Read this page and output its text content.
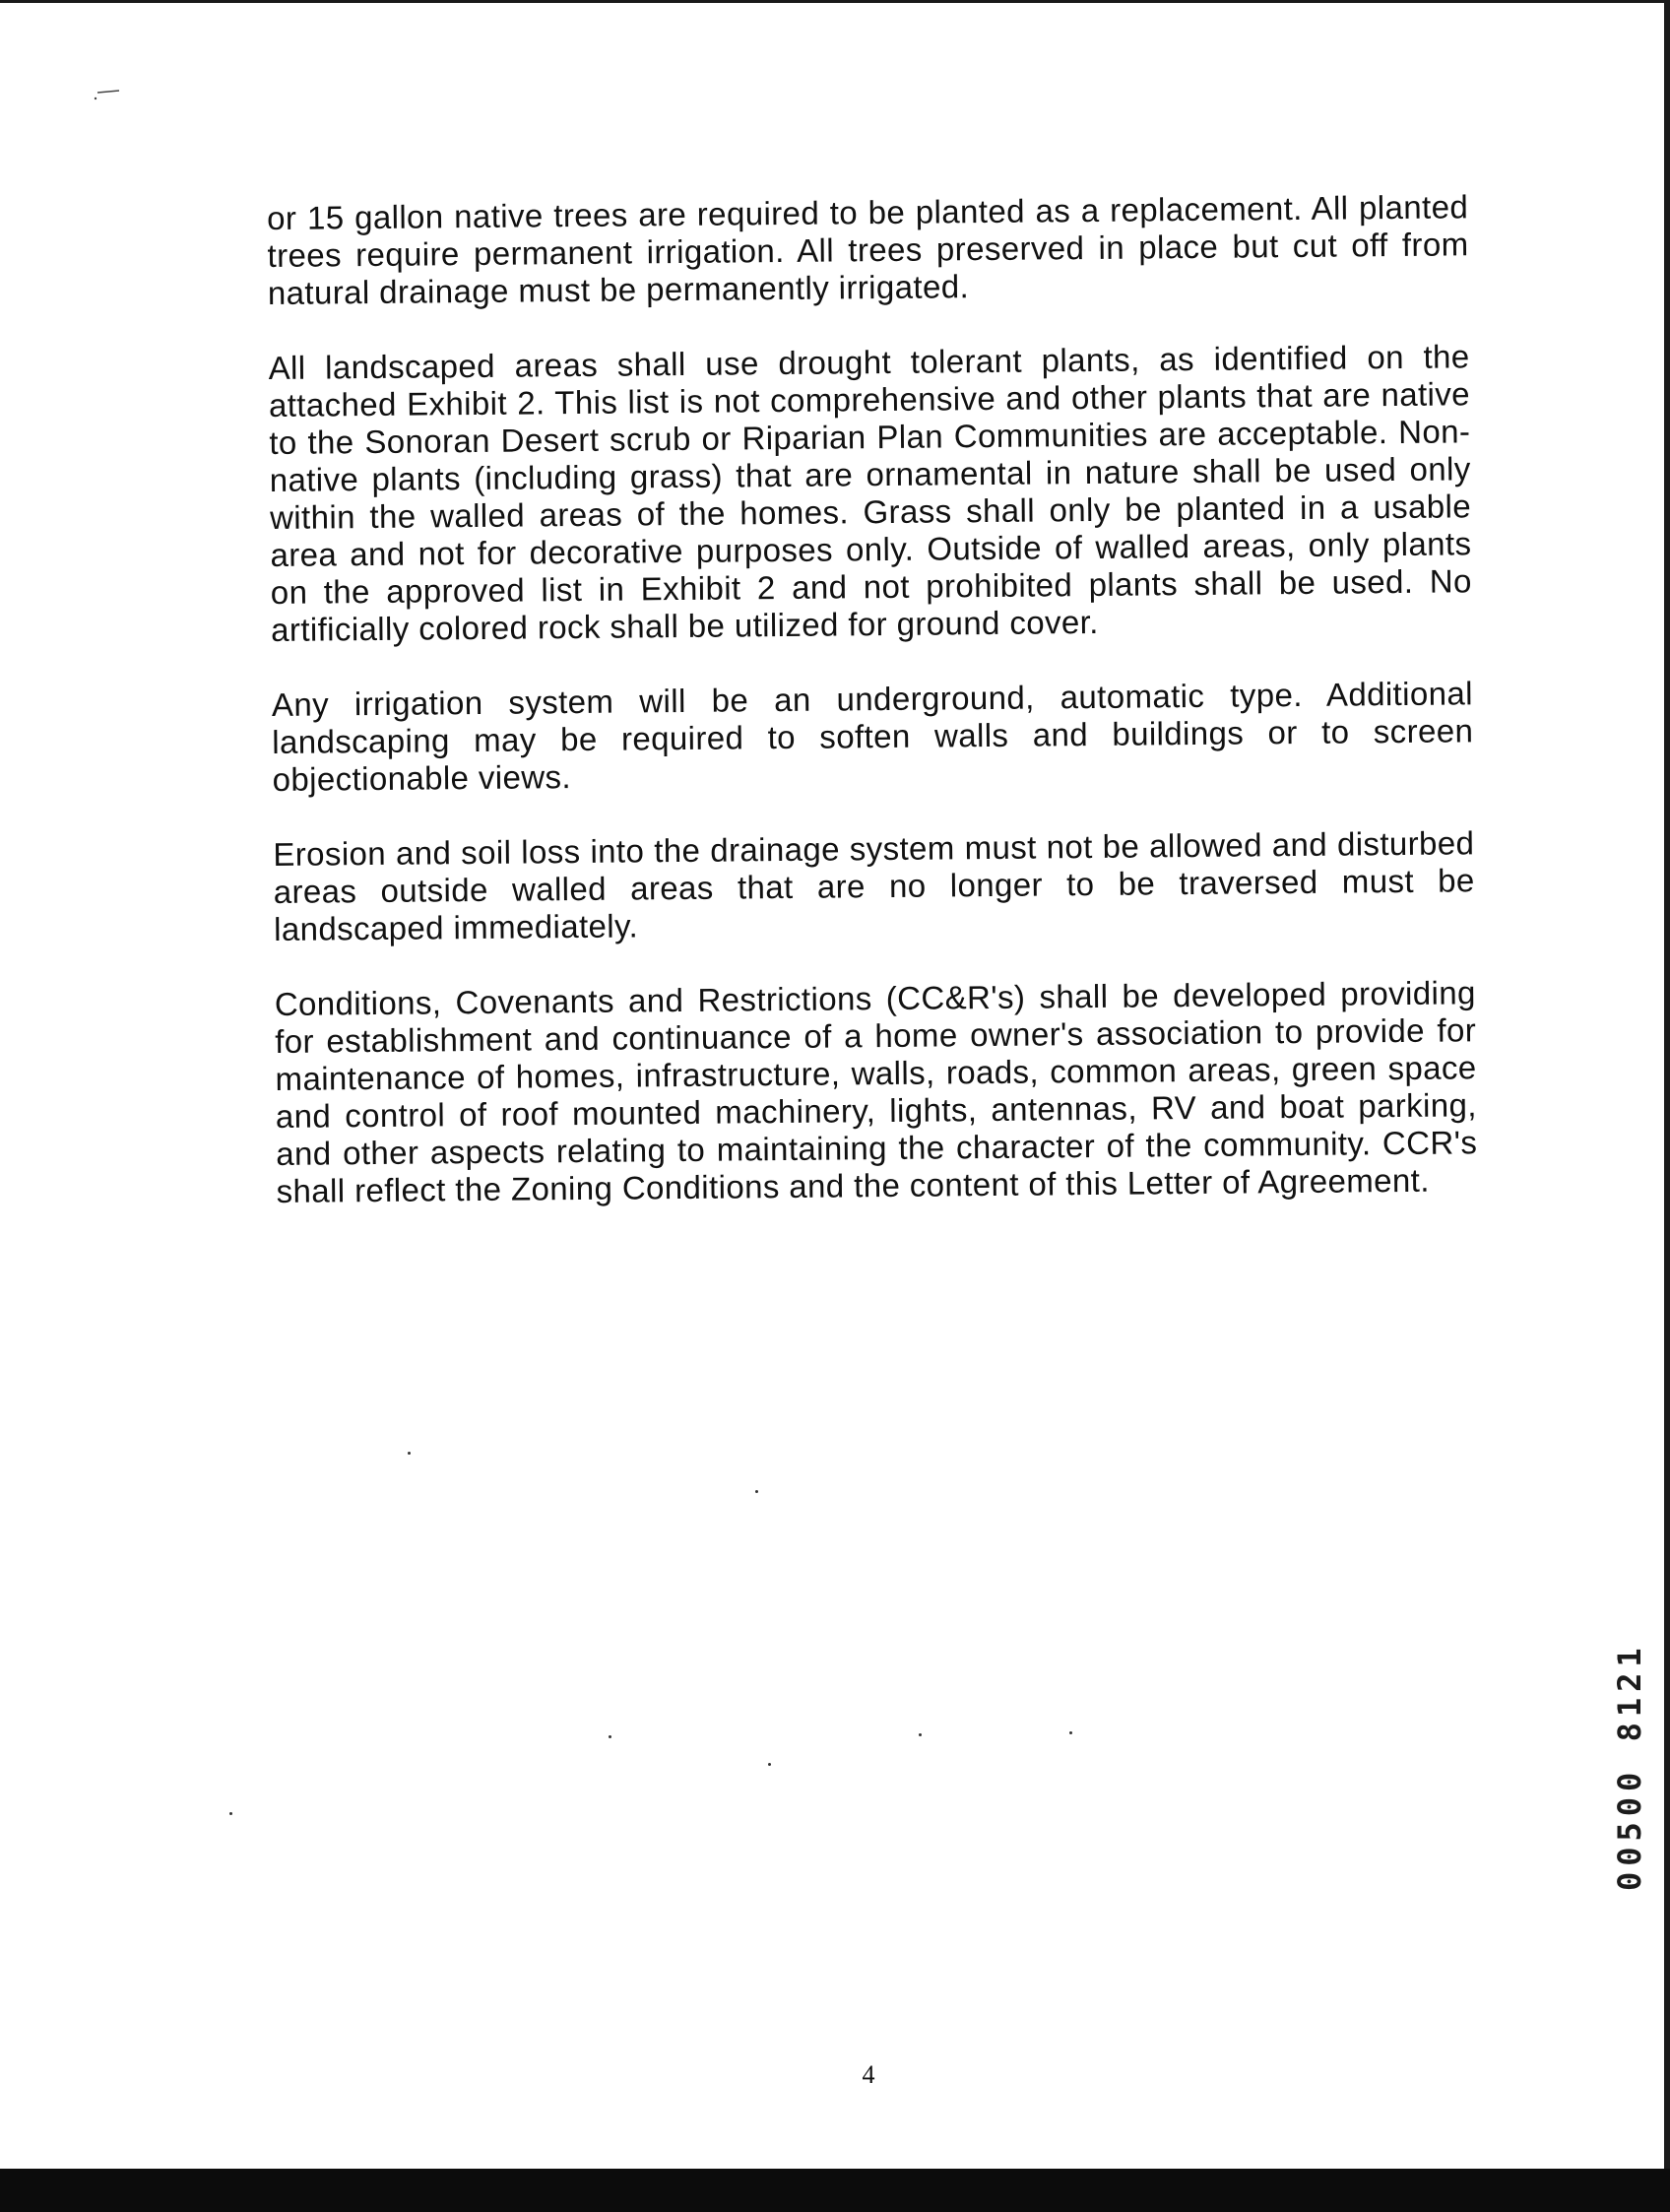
or 15 gallon native trees are required to be planted as a replacement. All planted trees require permanent irrigation. All trees preserved in place but cut off from natural drainage must be permanently irrigated.

All landscaped areas shall use drought tolerant plants, as identified on the attached Exhibit 2. This list is not comprehensive and other plants that are native to the Sonoran Desert scrub or Riparian Plan Communities are acceptable. Non-native plants (including grass) that are ornamental in nature shall be used only within the walled areas of the homes. Grass shall only be planted in a usable area and not for decorative purposes only. Outside of walled areas, only plants on the approved list in Exhibit 2 and not prohibited plants shall be used. No artificially colored rock shall be utilized for ground cover.

Any irrigation system will be an underground, automatic type. Additional landscaping may be required to soften walls and buildings or to screen objectionable views.

Erosion and soil loss into the drainage system must not be allowed and disturbed areas outside walled areas that are no longer to be traversed must be landscaped immediately.

Conditions, Covenants and Restrictions (CC&R's) shall be developed providing for establishment and continuance of a home owner's association to provide for maintenance of homes, infrastructure, walls, roads, common areas, green space and control of roof mounted machinery, lights, antennas, RV and boat parking, and other aspects relating to maintaining the character of the community. CCR's shall reflect the Zoning Conditions and the content of this Letter of Agreement.

00500 8121
4
